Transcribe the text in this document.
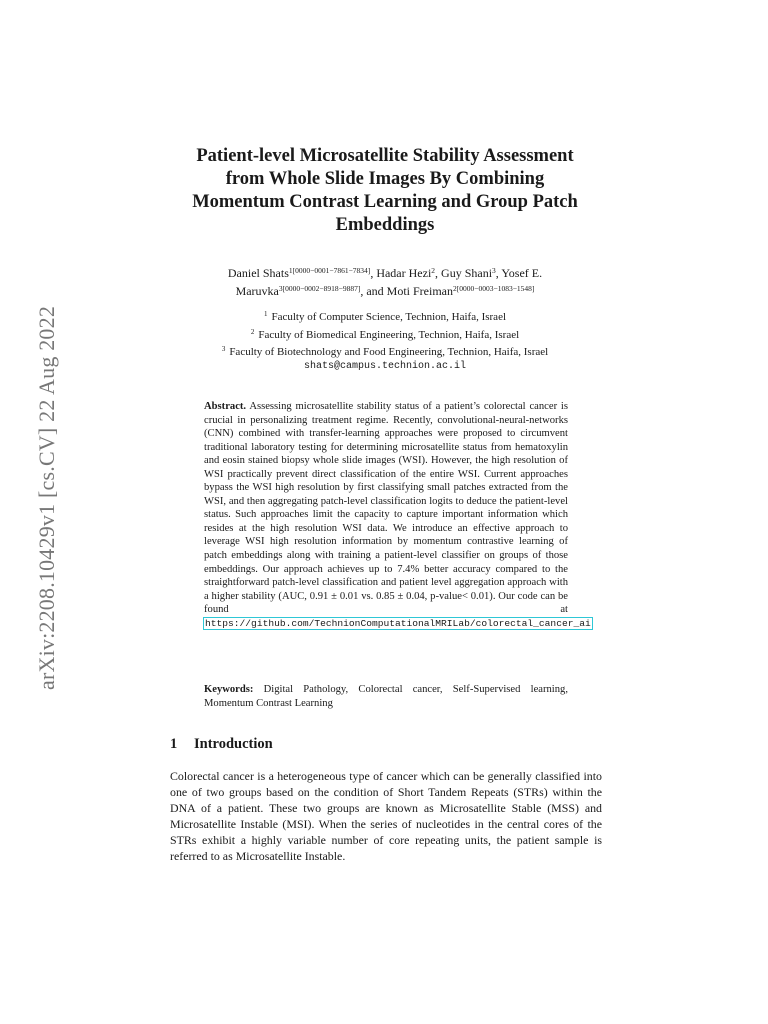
arXiv:2208.10429v1 [cs.CV] 22 Aug 2022
Patient-level Microsatellite Stability Assessment
from Whole Slide Images By Combining
Momentum Contrast Learning and Group Patch
Embeddings
Daniel Shats$^{1[0000-0001-7861-7834]}$, Hadar Hezi$^2$, Guy Shani$^3$, Yosef E.
Maruvka$^{3[0000-0002-8918-9887]}$, and Moti Freiman$^{2[0000-0003-1083-1548]}$
$^1$ Faculty of Computer Science, Technion, Haifa, Israel
$^2$ Faculty of Biomedical Engineering, Technion, Haifa, Israel
$^3$ Faculty of Biotechnology and Food Engineering, Technion, Haifa, Israel
shats@campus.technion.ac.il

Abstract. Assessing microsatellite stability status of a patient’s colorectal cancer is crucial in personalizing treatment regime. Recently, convolutional-neural-networks (CNN) combined with transfer-learning approaches were proposed to circumvent traditional laboratory testing for determining microsatellite status from hematoxylin and eosin stained biopsy whole slide images (WSI). However, the high resolution of WSI practically prevent direct classification of the entire WSI. Current approaches bypass the WSI high resolution by first classifying small patches extracted from the WSI, and then aggregating patch-level classification logits to deduce the patient-level status. Such approaches limit the capacity to capture important information which resides at the high resolution WSI data. We introduce an effective approach to leverage WSI high resolution information by momentum contrastive learning of patch embeddings along with training a patient-level classifier on groups of those embeddings. Our approach achieves up to 7.4% better accuracy compared to the straightforward patch-level classification and patient level aggregation approach with a higher stability (AUC, 0.91 ± 0.01 vs. 0.85 ± 0.04, p-value< 0.01). Our code can be found at https://github.com/TechnionComputationalMRILab/colorectal_cancer_ai

Keywords: Digital Pathology, Colorectal cancer, Self-Supervised learning, Momentum Contrast Learning

1 Introduction

Colorectal cancer is a heterogeneous type of cancer which can be generally classified into one of two groups based on the condition of Short Tandem Repeats (STRs) within the DNA of a patient. These two groups are known as Microsatellite Stable (MSS) and Microsatellite Instable (MSI). When the series of nucleotides in the central cores of the STRs exhibit a highly variable number of core repeating units, the patient sample is referred to as Microsatellite Instable.
